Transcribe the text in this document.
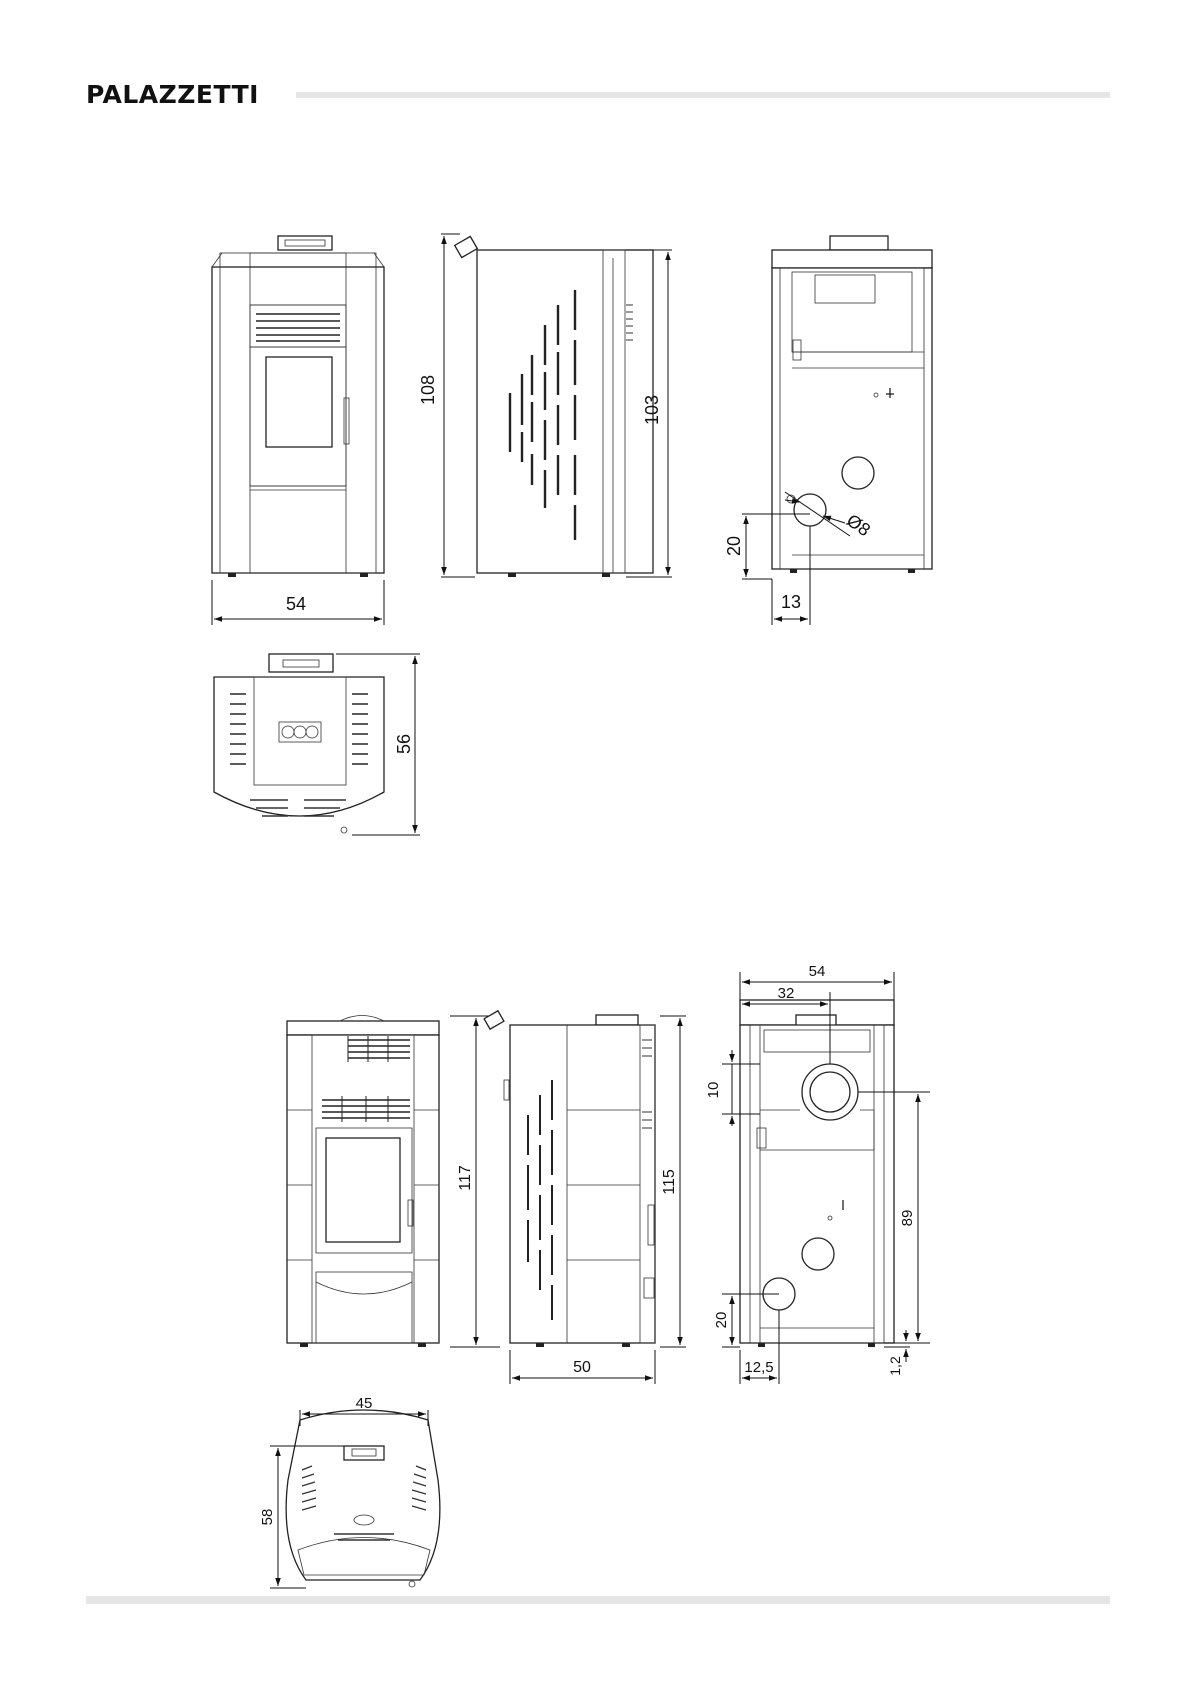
PALAZZETTI
54
108
103
Ø8
20
13
56
117	115
50
54
32
10
89
20
12,5	1,2
45
58
